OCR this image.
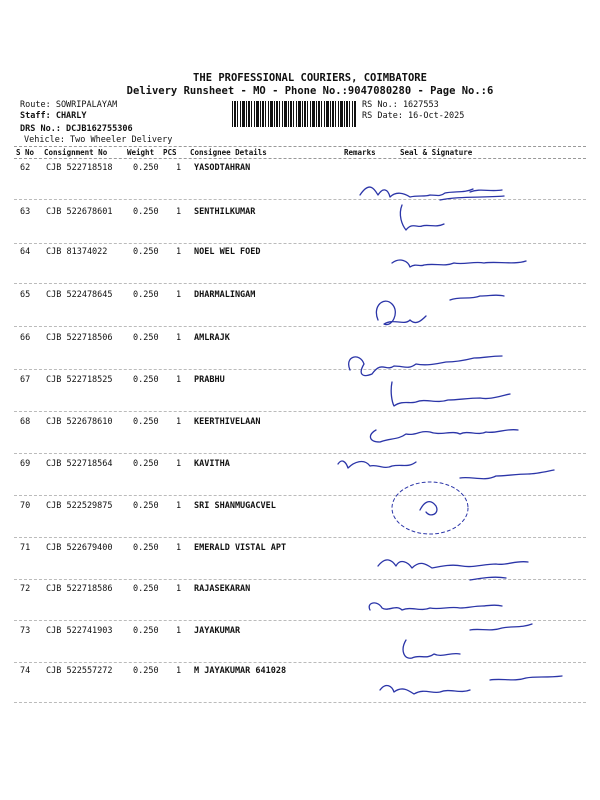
THE PROFESSIONAL COURIERS, COIMBATORE
Delivery Runsheet - MO - Phone No.:9047080280 - Page No.:6
Route: SOWRIPALAYAM
Staff: CHARLY
DRS No.: DCJB162755306
Vehicle: Two Wheeler Delivery
RS No.: 1627553
RS Date: 16-Oct-2025
S No Consignment No	Weight PCS Consignee Details	Remarks	Seal & Signature
62 CJB 522718518 0.250 1 YASODTAHRAN
63 CJB 522678601 0.250 1 SENTHILKUMAR
64 CJB 81374022	0.250 1 NOEL WEL FOED
65 CJB 522478645 0.250 1 DHARMALINGAM
66 CJB 522718506 0.250 1 AMLRAJK
67 CJB 522718525 0.250 1 PRABHU
68 CJB 522678610 0.250 1 KEERTHIVELAAN
69 CJB 522718564 0.250 1 KAVITHA
70 CJB 522529875 0.250 1 SRI SHANMUGACVEL
71 CJB 522679400 0.250 1 EMERALD VISTAL APT
72 CJB 522718586 0.250 1 RAJASEKARAN
73 CJB 522741903 0.250 1 JAYAKUMAR
74 CJB 522557272 0.250 1 M JAYAKUMAR 641028
